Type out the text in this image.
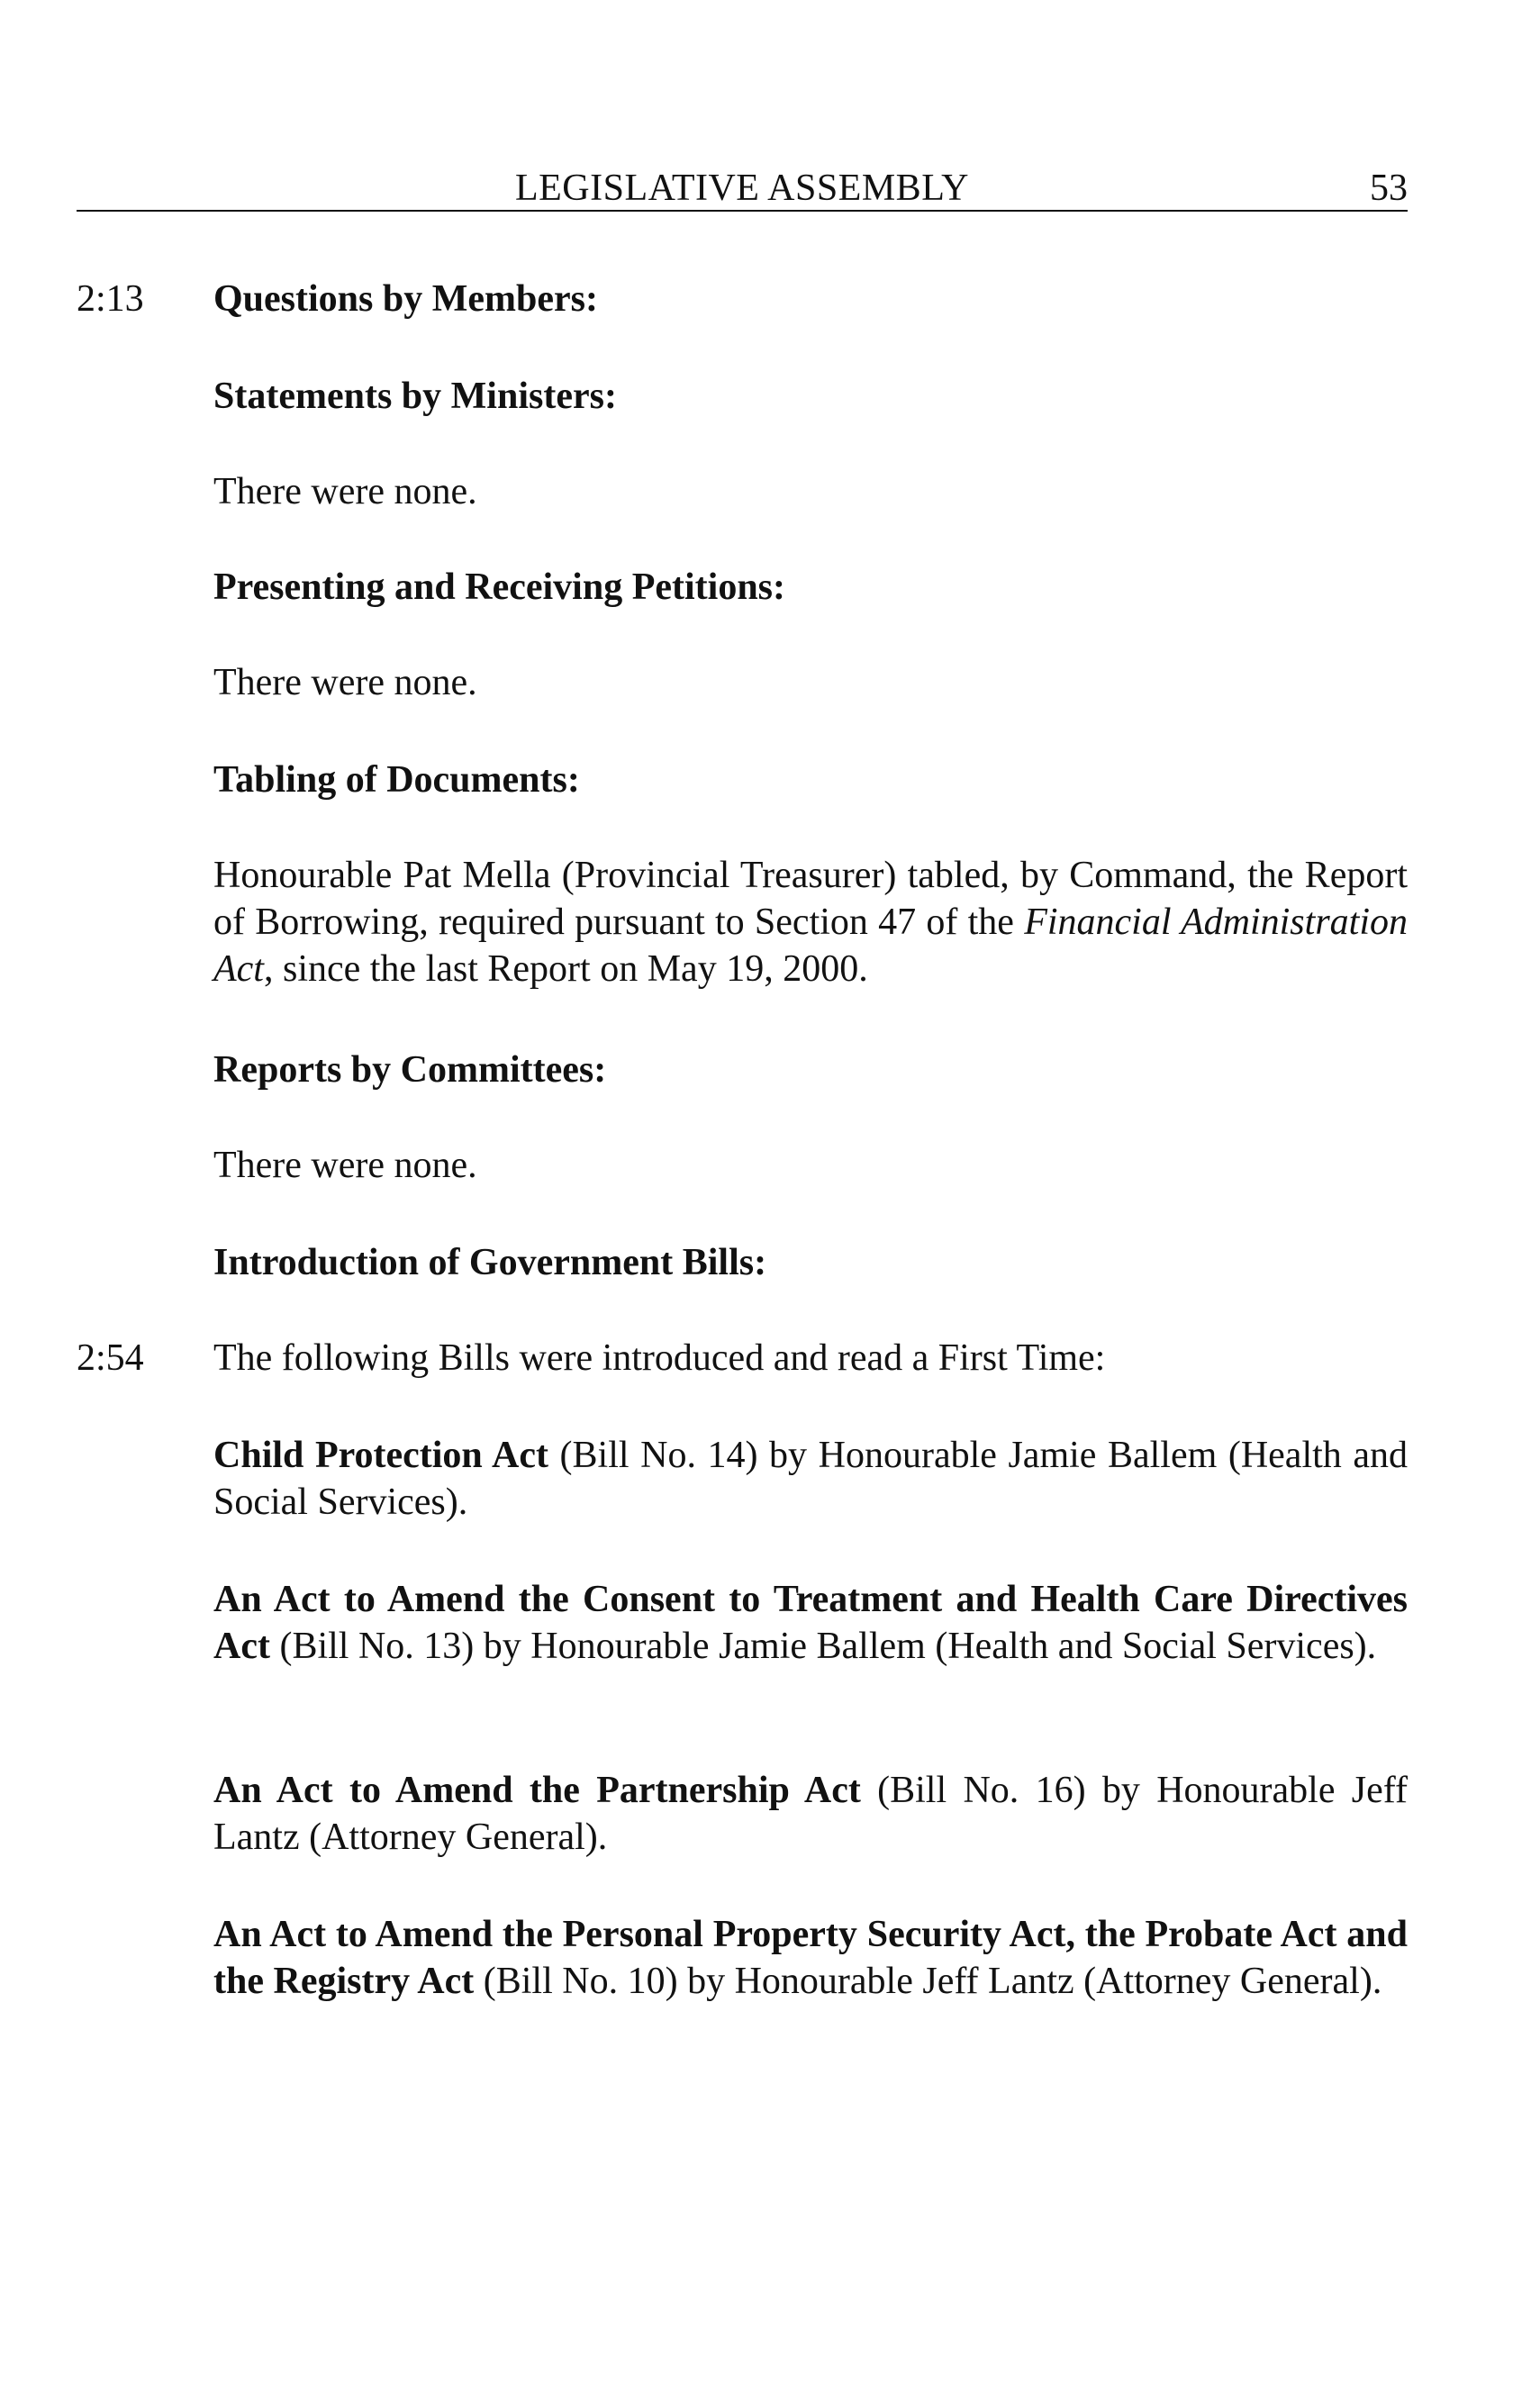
LEGISLATIVE ASSEMBLY	53
2:13 Questions by Members:
Statements by Ministers:
There were none.
Presenting and Receiving Petitions:
There were none.
Tabling of Documents:
Honourable Pat Mella (Provincial Treasurer) tabled, by Command, the Report of Borrowing, required pursuant to Section 47 of the Financial Administration Act, since the last Report on May 19, 2000.
Reports by Committees:
There were none.
Introduction of Government Bills:
2:54 The following Bills were introduced and read a First Time:
Child Protection Act (Bill No. 14) by Honourable Jamie Ballem (Health and Social Services).
An Act to Amend the Consent to Treatment and Health Care Directives Act (Bill No. 13) by Honourable Jamie Ballem (Health and Social Services).
An Act to Amend the Partnership Act (Bill No. 16) by Honourable Jeff Lantz (Attorney General).
An Act to Amend the Personal Property Security Act, the Probate Act and the Registry Act (Bill No. 10) by Honourable Jeff Lantz (Attorney General).
